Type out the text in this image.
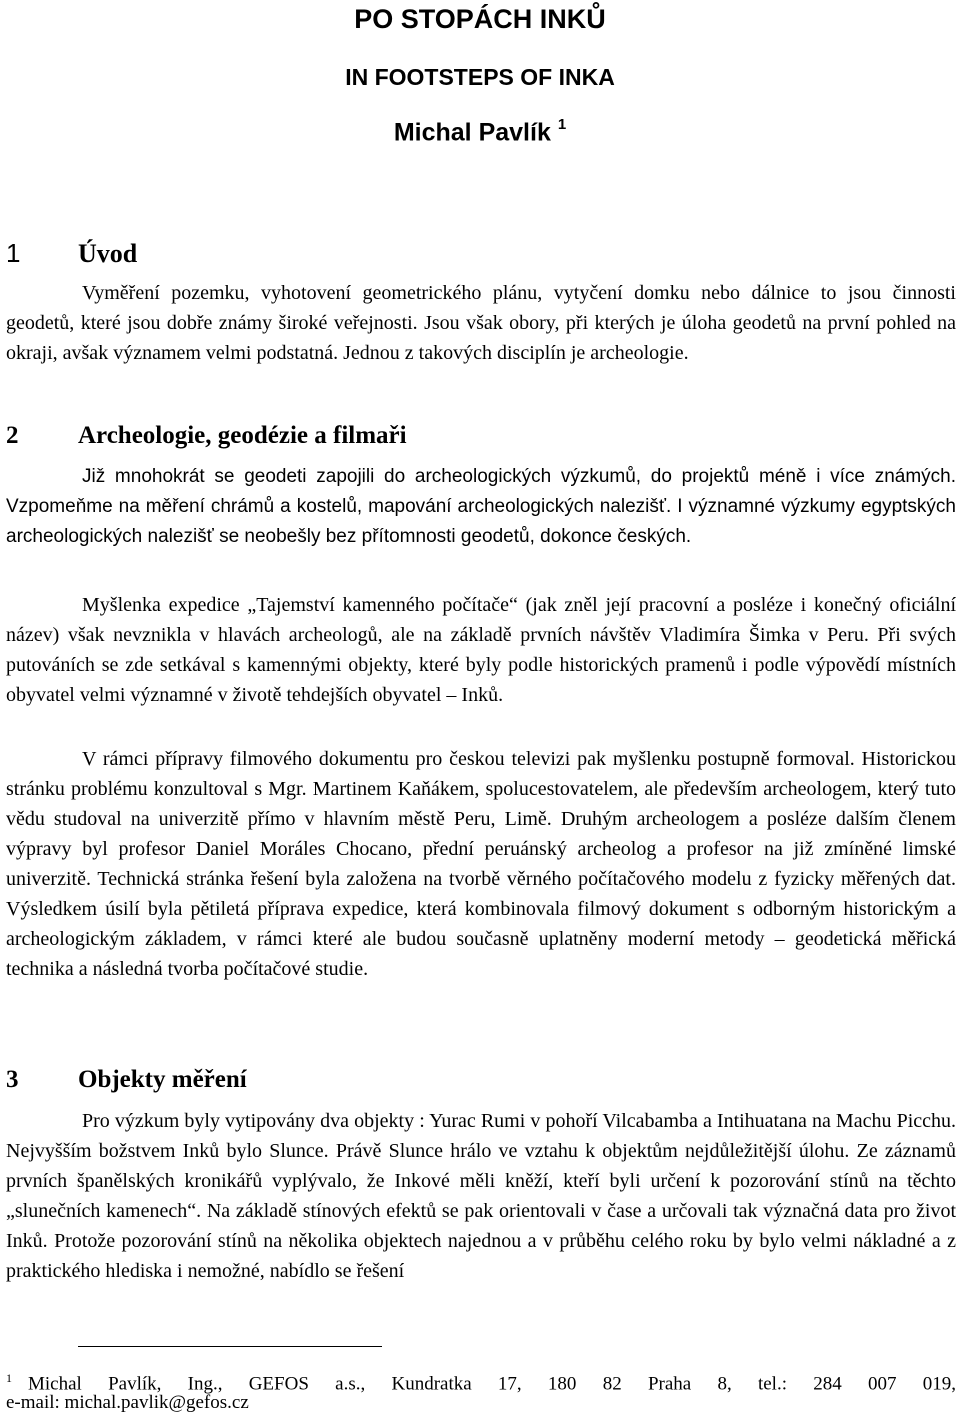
PO STOPÁCH INKŮ
IN FOOTSTEPS OF INKA
Michal Pavlík $^1$
1 Úvod

Vyměření pozemku, vyhotovení geometrického plánu, vytyčení domku nebo dálnice to jsou činnosti geodetů, které jsou dobře známy široké veřejnosti. Jsou však obory, při kterých je úloha geodetů na první pohled na okraji, avšak významem velmi podstatná. Jednou z takových disciplín je archeologie.

2 Archeologie, geodézie a filmaři

Již mnohokrát se geodeti zapojili do archeologických výzkumů, do projektů méně i více známých. Vzpomeňme na měření chrámů a kostelů, mapování archeologických nalezišť. I významné výzkumy egyptských archeologických nalezišť se neobešly bez přítomnosti geodetů, dokonce českých.

Myšlenka expedice „Tajemství kamenného počítače“ (jak zněl její pracovní a posléze i konečný oficiální název) však nevznikla v hlavách archeologů, ale na základě prvních návštěv Vladimíra Šimka v Peru. Při svých putováních se zde setkával s kamennými objekty, které byly podle historických pramenů i podle výpovědí místních obyvatel velmi významné v životě tehdejších obyvatel – Inků.

V rámci přípravy filmového dokumentu pro českou televizi pak myšlenku postupně formoval. Historickou stránku problému konzultoval s Mgr. Martinem Kaňákem, spolucestovatelem, ale především archeologem, který tuto vědu studoval na univerzitě přímo v hlavním městě Peru, Limě. Druhým archeologem a posléze dalším členem výpravy byl profesor Daniel Moráles Chocano, přední peruánský archeolog a profesor na již zmíněné limské univerzitě. Technická stránka řešení byla založena na tvorbě věrného počítačového modelu z fyzicky měřených dat. Výsledkem úsilí byla pětiletá příprava expedice, která kombinovala filmový dokument s odborným historickým a archeologickým základem, v rámci které ale budou současně uplatněny moderní metody – geodetická měřická technika a následná tvorba počítačové studie.

3 Objekty měření

Pro výzkum byly vytipovány dva objekty : Yurac Rumi v pohoří Vilcabamba a Intihuatana na Machu Picchu. Nejvyšším božstvem Inků bylo Slunce. Právě Slunce hrálo ve vztahu k objektům nejdůležitější úlohu. Ze záznamů prvních španělských kronikářů vyplývalo, že Inkové měli kněží, kteří byli určení k pozorování stínů na těchto „slunečních kamenech“. Na základě stínových efektů se pak orientovali v čase a určovali tak význačná data pro život Inků. Protože pozorování stínů na několika objektech najednou a v průběhu celého roku by bylo velmi nákladné a z praktického hlediska i nemožné, nabídlo se řešení

$^1$ Michal Pavlík, Ing., GEFOS a.s., Kundratka 17, 180 82 Praha 8, tel.: 284 007 019,
e-mail: michal.pavlik@gefos.cz
